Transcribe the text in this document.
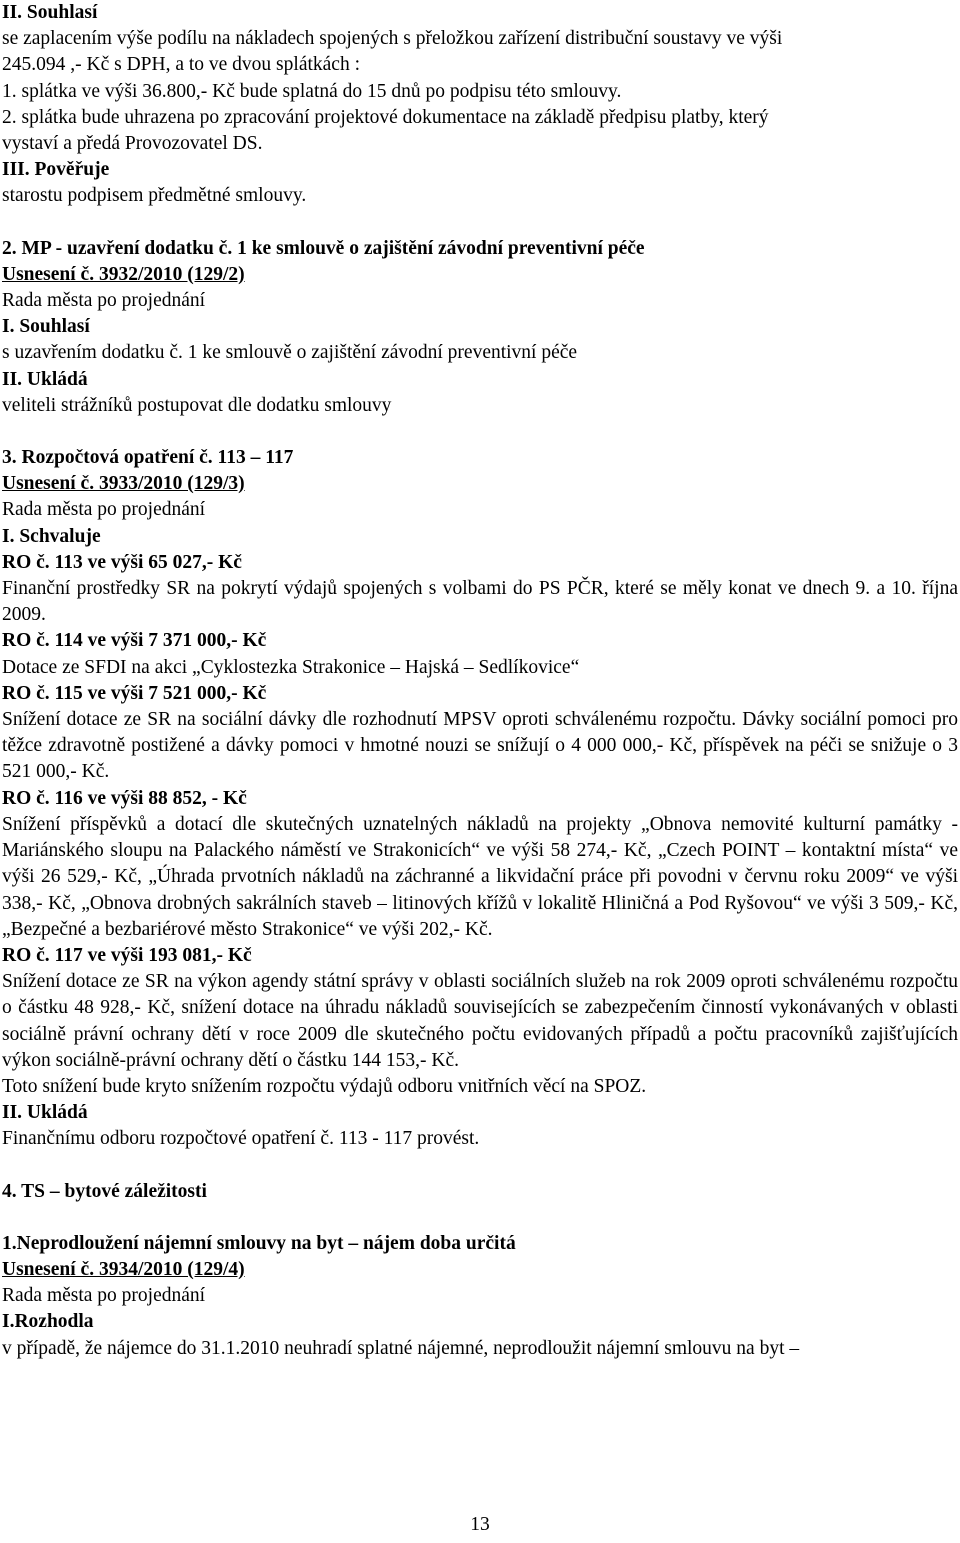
II. Souhlasí
se zaplacením výše podílu na nákladech spojených s přeložkou zařízení distribuční soustavy ve výši
245.094 ,- Kč s DPH, a to ve dvou splátkách :
1. splátka ve výši 36.800,- Kč bude splatná do 15 dnů po podpisu této smlouvy.
2. splátka bude uhrazena po zpracování projektové dokumentace na základě předpisu platby, který
vystaví a předá Provozovatel DS.
III. Pověřuje
starostu podpisem předmětné smlouvy.
2. MP - uzavření dodatku č. 1 ke smlouvě o zajištění závodní preventivní péče
Usnesení č. 3932/2010 (129/2)
Rada města po projednání
I. Souhlasí
s uzavřením dodatku č. 1 ke smlouvě o zajištění závodní preventivní péče
II. Ukládá
veliteli strážníků postupovat dle dodatku smlouvy
3. Rozpočtová opatření č. 113 – 117
Usnesení č. 3933/2010 (129/3)
Rada města po projednání
I. Schvaluje
RO č. 113 ve výši 65 027,- Kč

Finanční prostředky SR na pokrytí výdajů spojených s volbami do PS PČR, které se měly konat ve dnech 9. a 10. října 2009.

RO č. 114 ve výši 7 371 000,- Kč
Dotace ze SFDI na akci „Cyklostezka Strakonice – Hajská – Sedlíkovice“
RO č. 115 ve výši 7 521 000,- Kč

Snížení dotace ze SR na sociální dávky dle rozhodnutí MPSV oproti schválenému rozpočtu. Dávky sociální pomoci pro těžce zdravotně postižené a dávky pomoci v hmotné nouzi se snížují o 4 000 000,- Kč, příspěvek na péči se snižuje o 3 521 000,- Kč.

RO č. 116 ve výši 88 852, - Kč

Snížení příspěvků a dotací dle skutečných uznatelných nákladů na projekty „Obnova nemovité kulturní památky - Mariánského sloupu na Palackého náměstí ve Strakonicích“ ve výši 58 274,- Kč, „Czech POINT – kontaktní místa“ ve výši 26 529,- Kč, „Úhrada prvotních nákladů na záchranné a likvidační práce při povodni v červnu roku 2009“ ve výši 338,- Kč, „Obnova drobných sakrálních staveb – litinových křížů v lokalitě Hliničná a Pod Ryšovou“ ve výši 3 509,- Kč, „Bezpečné a bezbariérové město Strakonice“ ve výši 202,- Kč.

RO č. 117 ve výši 193 081,- Kč

Snížení dotace ze SR na výkon agendy státní správy v oblasti sociálních služeb na rok 2009 oproti schválenému rozpočtu o částku 48 928,- Kč, snížení dotace na úhradu nákladů souvisejících se zabezpečením činností vykonávaných v oblasti sociálně právní ochrany dětí v roce 2009 dle skutečného počtu evidovaných případů a počtu pracovníků zajišťujících výkon sociálně-právní ochrany dětí o částku 144 153,- Kč.

Toto snížení bude kryto snížením rozpočtu výdajů odboru vnitřních věcí na SPOZ.
II. Ukládá
Finančnímu odboru rozpočtové opatření č. 113 - 117 provést.
4. TS – bytové záležitosti
1.Neprodloužení nájemní smlouvy na byt – nájem doba určitá
Usnesení č. 3934/2010 (129/4)
Rada města po projednání
I.Rozhodla
v případě, že nájemce do 31.1.2010 neuhradí splatné nájemné, neprodloužit nájemní smlouvu na byt –
13
